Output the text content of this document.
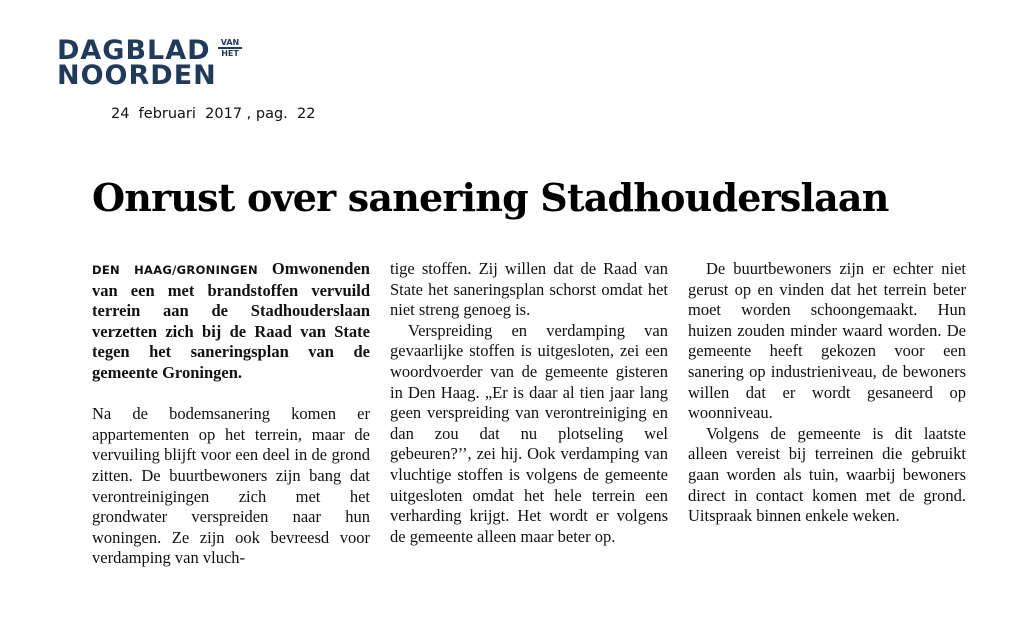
DAGBLAD
NOORDEN
VAN
HET
24  februari  2017 , pag.  22
Onrust over sanering Stadhouderslaan

DEN HAAG/GRONINGEN Omwonenden van een met brandstoffen vervuild terrein aan de Stadhouderslaan verzetten zich bij de Raad van State tegen het saneringsplan van de gemeente Groningen.

Na de bodemsanering komen er appartementen op het terrein, maar de vervuiling blijft voor een deel in de grond zitten. De buurtbewoners zijn bang dat verontreinigingen zich met het grondwater verspreiden naar hun woningen. Ze zijn ook bevreesd voor verdamping van vluch-

tige stoffen. Zij willen dat de Raad van State het saneringsplan schorst omdat het niet streng genoeg is.

Verspreiding en verdamping van gevaarlijke stoffen is uitgesloten, zei een woordvoerder van de gemeente gisteren in Den Haag. „Er is daar al tien jaar lang geen verspreiding van verontreiniging en dan zou dat nu plotseling wel gebeuren?’’, zei hij. Ook verdamping van vluchtige stoffen is volgens de gemeente uitgesloten omdat het hele terrein een verharding krijgt. Het wordt er volgens de gemeente alleen maar beter op.

De buurtbewoners zijn er echter niet gerust op en vinden dat het terrein beter moet worden schoongemaakt. Hun huizen zouden minder waard worden. De gemeente heeft gekozen voor een sanering op industrieniveau, de bewoners willen dat er wordt gesaneerd op woonniveau.

Volgens de gemeente is dit laatste alleen vereist bij terreinen die gebruikt gaan worden als tuin, waarbij bewoners direct in contact komen met de grond. Uitspraak binnen enkele weken.
